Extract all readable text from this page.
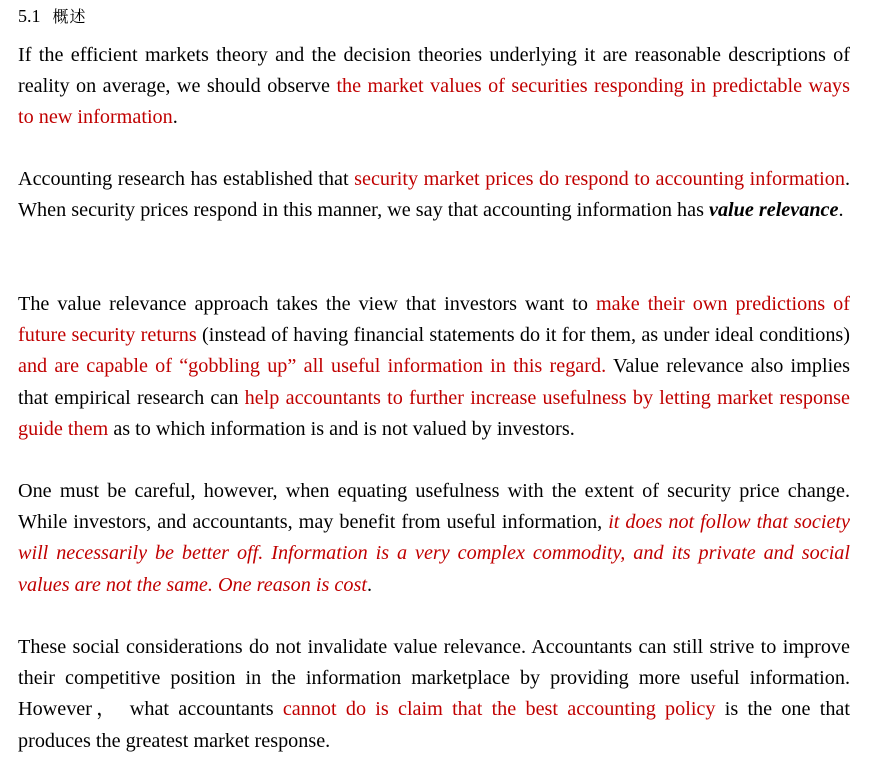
5.1 概述

If the efficient markets theory and the decision theories underlying it are reasonable descriptions of reality on average, we should observe the market values of securities responding in predictable ways to new information.

Accounting research has established that security market prices do respond to accounting information. When security prices respond in this manner, we say that accounting information has value relevance.

The value relevance approach takes the view that investors want to make their own predictions of future security returns (instead of having financial statements do it for them, as under ideal conditions) and are capable of “gobbling up” all useful information in this regard. Value relevance also implies that empirical research can help accountants to further increase usefulness by letting market response guide them as to which information is and is not valued by investors.

One must be careful, however, when equating usefulness with the extent of security price change. While investors, and accountants, may benefit from useful information, it does not follow that society will necessarily be better off. Information is a very complex commodity, and its private and social values are not the same. One reason is cost.

These social considerations do not invalidate value relevance. Accountants can still strive to improve their competitive position in the information marketplace by providing more useful information. However， what accountants cannot do is claim that the best accounting policy is the one that produces the greatest market response.
